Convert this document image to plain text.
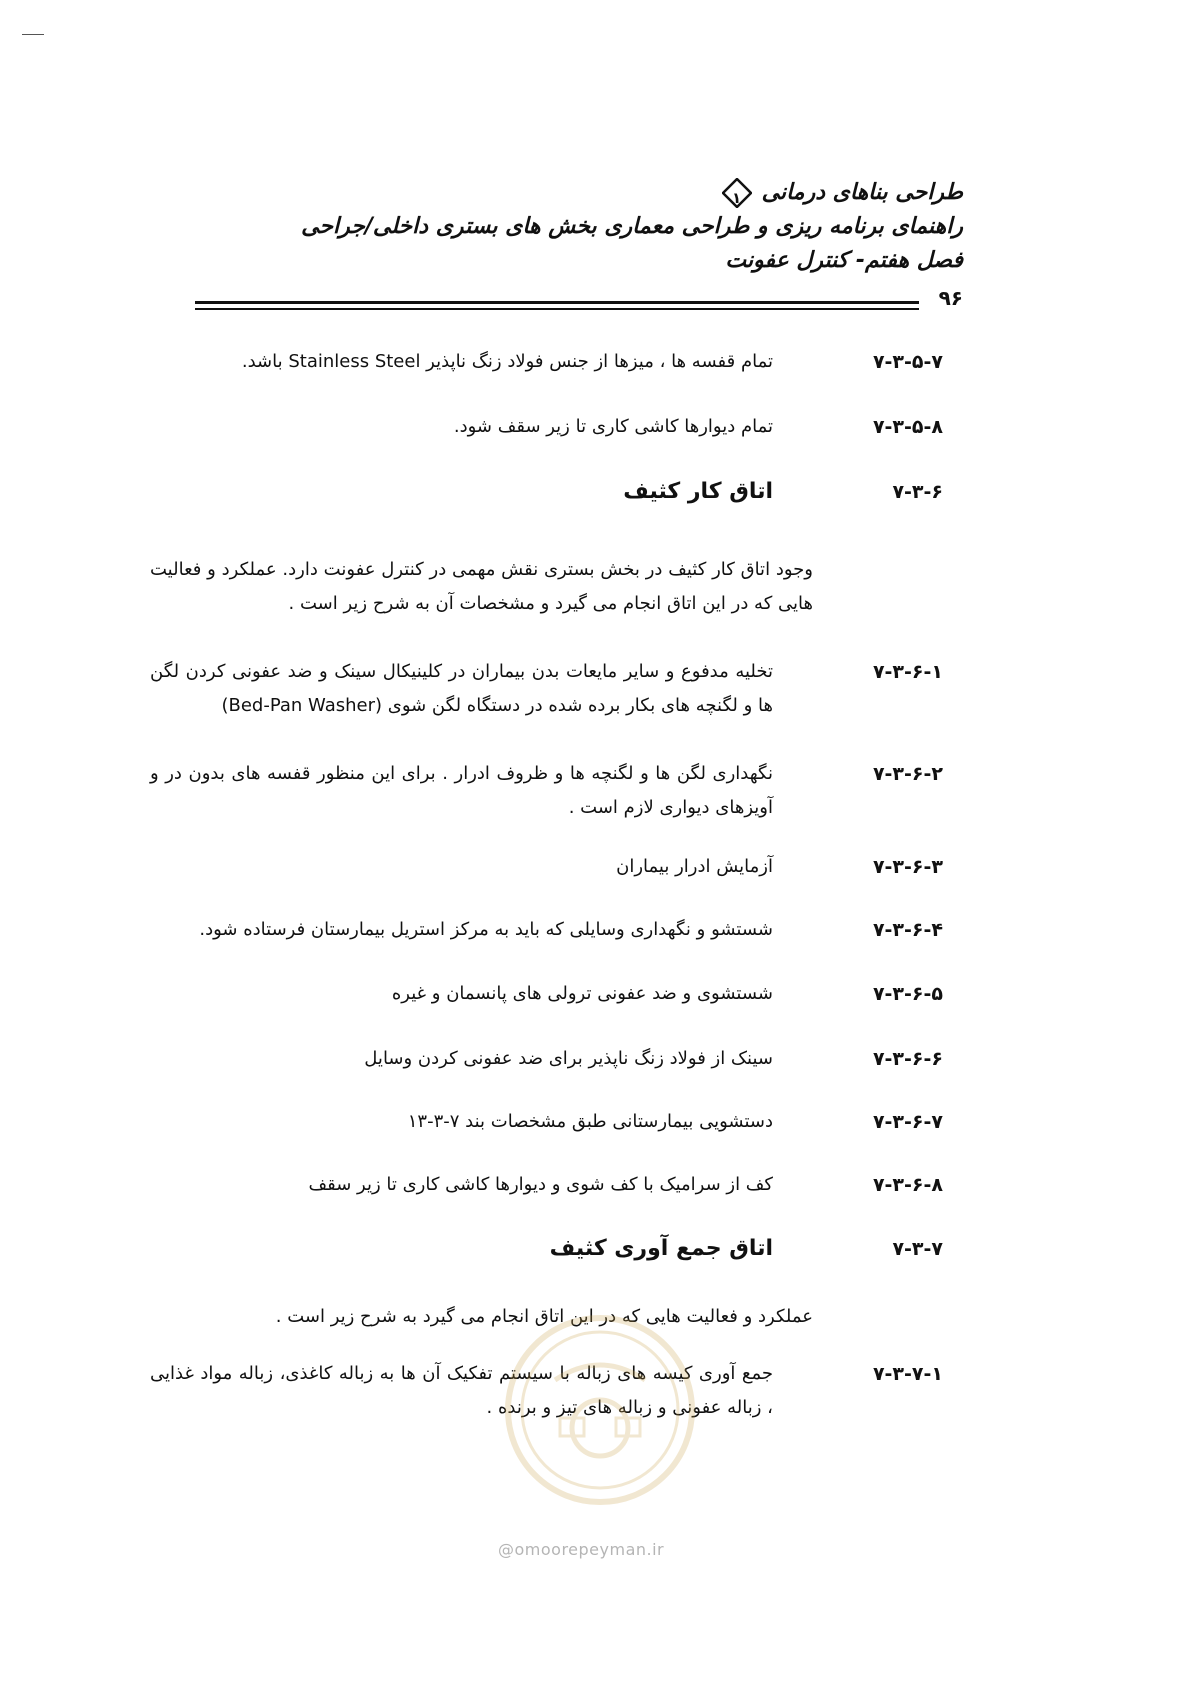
طراحی بناهای درمانی
۱
راهنمای برنامه ریزی و طراحی معماری بخش های بستری داخلی/جراحی
فصل هفتم- کنترل عفونت
۹۶
۷-۳-۵-۷
تمام قفسه ها ، میزها از جنس فولاد زنگ ناپذیر Stainless Steel باشد.
۷-۳-۵-۸
تمام دیوارها کاشی کاری تا زیر سقف شود.
۷-۳-۶
اتاق کار کثیف
وجود اتاق کار کثیف در بخش بستری نقش مهمی در کنترل عفونت دارد. عملکرد و فعالیت هایی که در این اتاق انجام می گیرد و مشخصات آن به شرح زیر است .
۷-۳-۶-۱
تخلیه مدفوع و سایر مایعات بدن بیماران در کلینیکال سینک و ضد عفونی کردن لگن ها و لگنچه های بکار برده شده در دستگاه لگن شوی (Bed-Pan Washer)
۷-۳-۶-۲
نگهداری لگن ها و لگنچه ها و ظروف ادرار . برای این منظور قفسه های بدون در و آویزهای دیواری لازم است .
۷-۳-۶-۳
آزمایش ادرار بیماران
۷-۳-۶-۴
شستشو و نگهداری وسایلی که باید به مرکز استریل بیمارستان فرستاده شود.
۷-۳-۶-۵
شستشوی و ضد عفونی ترولی های پانسمان و غیره
۷-۳-۶-۶
سینک از فولاد زنگ ناپذیر برای ضد عفونی کردن وسایل
۷-۳-۶-۷
دستشویی بیمارستانی طبق مشخصات بند ۷-۳-۱۳
۷-۳-۶-۸
کف از سرامیک با کف شوی و دیوارها کاشی کاری تا زیر سقف
۷-۳-۷
اتاق جمع آوری کثیف
عملکرد و فعالیت هایی که در این اتاق انجام می گیرد به شرح زیر است .
۷-۳-۷-۱
جمع آوری کیسه های زباله با سیستم تفکیک آن ها به زباله کاغذی، زباله مواد غذایی ، زباله عفونی و زباله های تیز و برنده .
@omoorepeyman.ir
